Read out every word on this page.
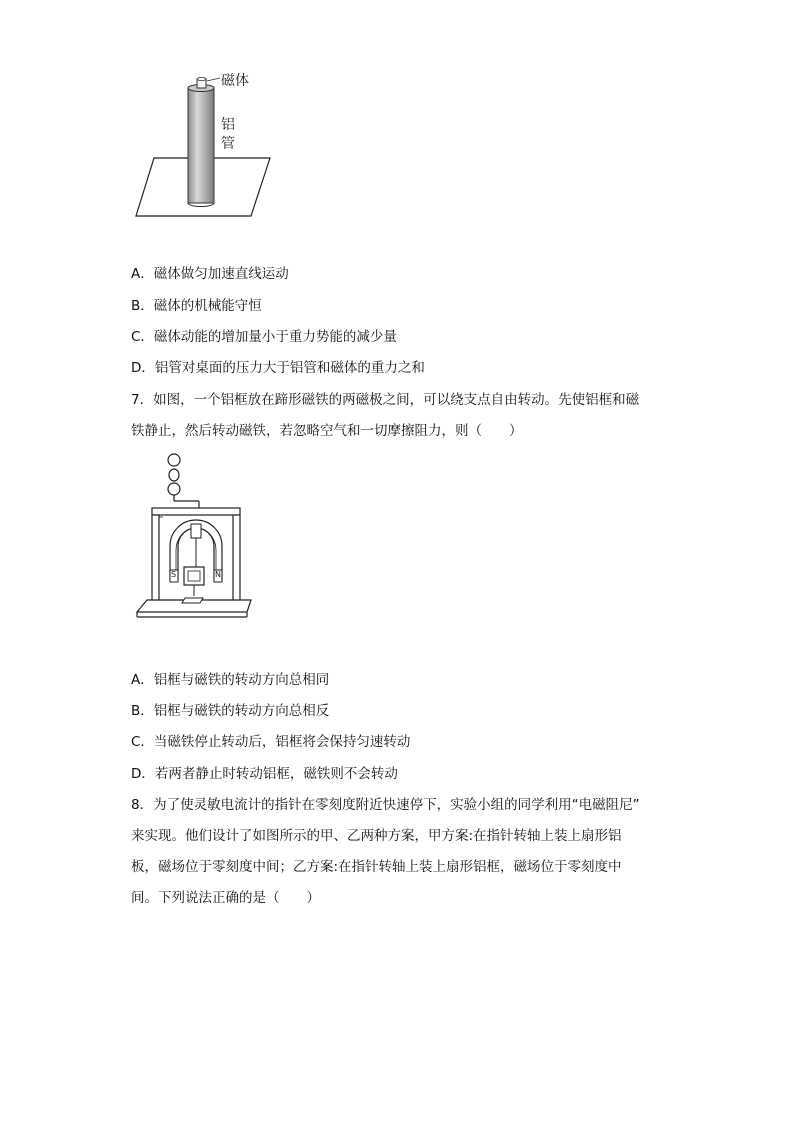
磁体
铝
管
A．磁体做匀加速直线运动
B．磁体的机械能守恒
C．磁体动能的增加量小于重力势能的减少量
D．铝管对桌面的压力大于铝管和磁体的重力之和
7．如图，一个铝框放在蹄形磁铁的两磁极之间，可以绕支点自由转动。先使铝框和磁
铁静止，然后转动磁铁，若忽略空气和一切摩擦阻力，则（　　）
S	N
A．铝框与磁铁的转动方向总相同
B．铝框与磁铁的转动方向总相反
C．当磁铁停止转动后，铝框将会保持匀速转动
D．若两者静止时转动铝框，磁铁则不会转动
8．为了使灵敏电流计的指针在零刻度附近快速停下，实验小组的同学利用“电磁阻尼”
来实现。他们设计了如图所示的甲、乙两种方案，甲方案:在指针转轴上装上扇形铝
板，磁场位于零刻度中间；乙方案:在指针转轴上装上扇形铝框，磁场位于零刻度中
间。下列说法正确的是（　　）
